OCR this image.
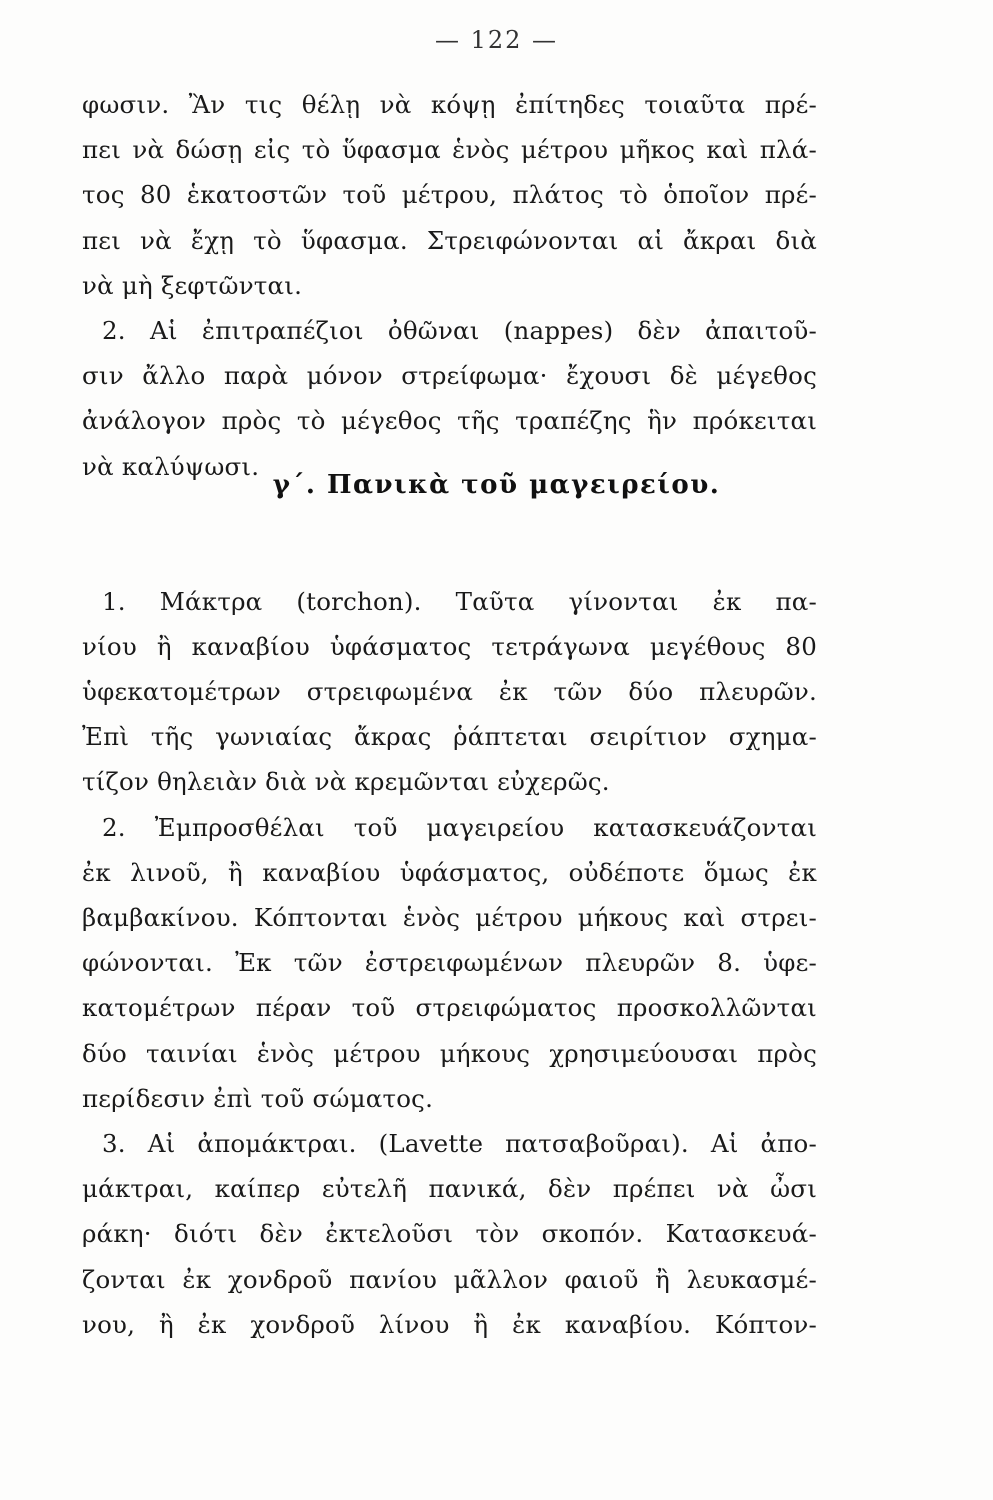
— 122 —
γ΄. Πανικὰ τοῦ μαγειρείου.
φωσιν. Ἂν τις θέλῃ νὰ κόψῃ ἐπίτηδες τοιαῦτα πρέ-
πει νὰ δώσῃ εἰς τὸ ὕφασμα ἑνὸς μέτρου μῆκος καὶ πλά-
τος 80 ἑκατοστῶν τοῦ μέτρου, πλάτος τὸ ὁποῖον πρέ-
πει νὰ ἔχῃ τὸ ὕφασμα. Στρειφώνονται αἱ ἄκραι διὰ
νὰ μὴ ξεφτῶνται.
2. Αἱ ἐπιτραπέζιοι ὀθῶναι (nappes) δὲν ἀπαιτοῦ-
σιν ἄλλο παρὰ μόνον στρείφωμα· ἔχουσι δὲ μέγεθος
ἀνάλογον πρὸς τὸ μέγεθος τῆς τραπέζης ἣν πρόκειται
νὰ καλύψωσι.
1. Μάκτρα (torchon). Ταῦτα γίνονται ἐκ πα-
νίου ἢ καναβίου ὑφάσματος τετράγωνα μεγέθους 80
ὑφεκατομέτρων στρειφωμένα ἐκ τῶν δύο πλευρῶν.
Ἐπὶ τῆς γωνιαίας ἄκρας ῥάπτεται σειρίτιον σχημα-
τίζον θηλειὰν διὰ νὰ κρεμῶνται εὐχερῶς.
2. Ἐμπροσθέλαι τοῦ μαγειρείου κατασκευάζονται
ἐκ λινοῦ, ἢ καναβίου ὑφάσματος, οὐδέποτε ὅμως ἐκ
βαμβακίνου. Κόπτονται ἑνὸς μέτρου μήκους καὶ στρει-
φώνονται. Ἐκ τῶν ἐστρειφωμένων πλευρῶν 8. ὑφε-
κατομέτρων πέραν τοῦ στρειφώματος προσκολλῶνται
δύο ταινίαι ἑνὸς μέτρου μήκους χρησιμεύουσαι πρὸς
περίδεσιν ἐπὶ τοῦ σώματος.
3. Αἱ ἀπομάκτραι. (Lavette πατσαβοῦραι). Αἱ ἀπο-
μάκτραι, καίπερ εὐτελῆ πανικά, δὲν πρέπει νὰ ὦσι
ράκη· διότι δὲν ἐκτελοῦσι τὸν σκοπόν. Κατασκευά-
ζονται ἐκ χονδροῦ πανίου μᾶλλον φαιοῦ ἢ λευκασμέ-
νου, ἢ ἐκ χονδροῦ λίνου ἢ ἐκ καναβίου. Κόπτον-
